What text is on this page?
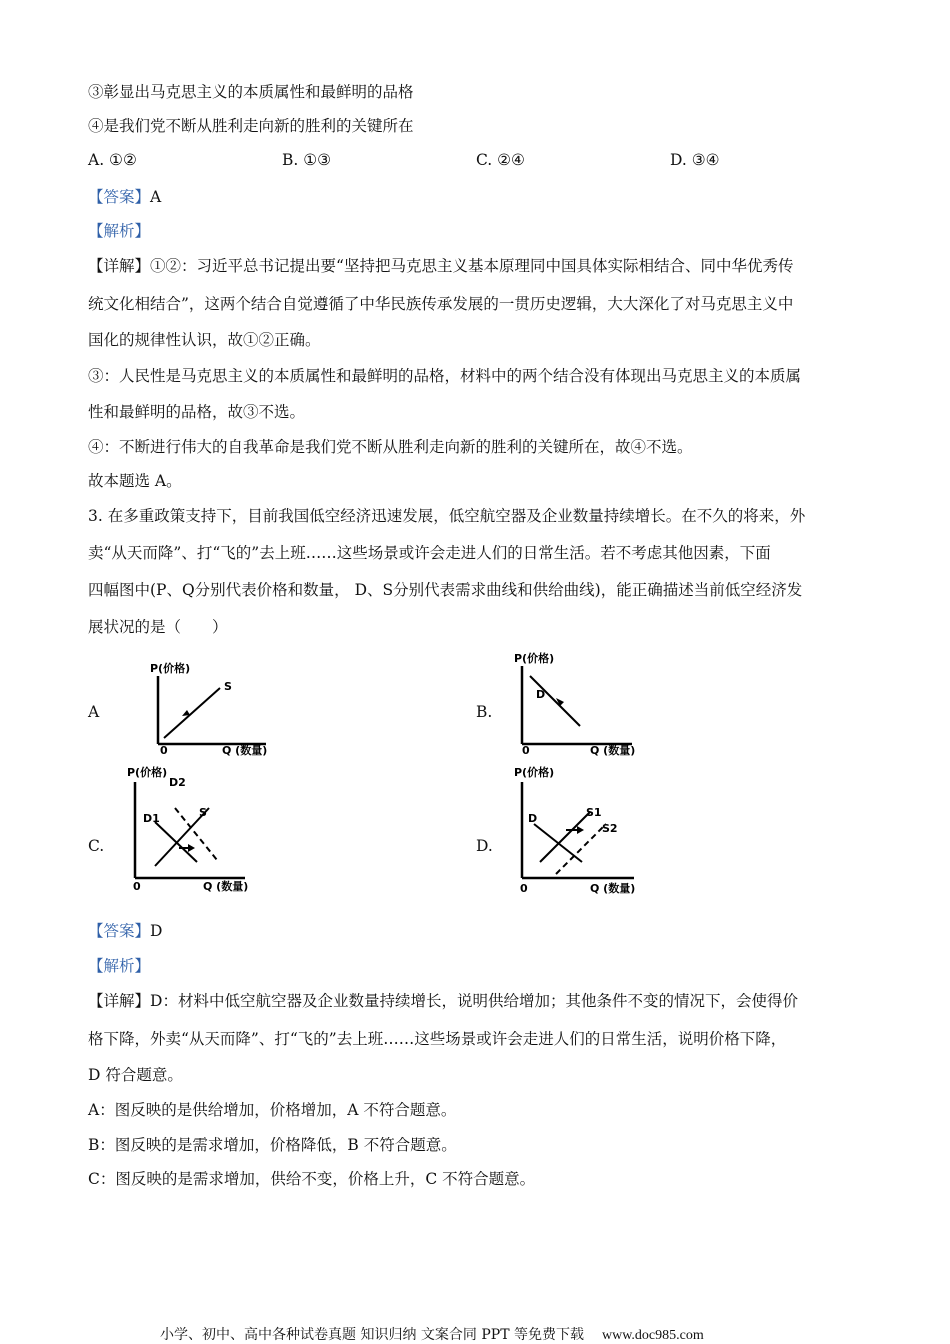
③彰显出马克思主义的本质属性和最鲜明的品格
④是我们党不断从胜利走向新的胜利的关键所在
A. ①②	B. ①③	C. ②④	D. ③④
【答案】A
【解析】
【详解】①②：习近平总书记提出要“坚持把马克思主义基本原理同中国具体实际相结合、同中华优秀传
统文化相结合”，这两个结合自觉遵循了中华民族传承发展的一贯历史逻辑，大大深化了对马克思主义中
国化的规律性认识，故①②正确。
③：人民性是马克思主义的本质属性和最鲜明的品格，材料中的两个结合没有体现出马克思主义的本质属
性和最鲜明的品格，故③不选。
④：不断进行伟大的自我革命是我们党不断从胜利走向新的胜利的关键所在，故④不选。
故本题选 A。
3. 在多重政策支持下，目前我国低空经济迅速发展，低空航空器及企业数量持续增长。在不久的将来，外
卖“从天而降”、打“飞的”去上班……这些场景或许会走进人们的日常生活。若不考虑其他因素，下面
四幅图中(P、Q分别代表价格和数量， D、S分别代表需求曲线和供给曲线)，能正确描述当前低空经济发
展状况的是（　　）
A
P(价格)
0	Q (数量)
S
B.
P(价格)
0	Q (数量)
D
C.
P(价格)
0	Q (数量)
D1
D2
S
D.
P(价格)
0	Q (数量)
D	S1
S2
【答案】D
【解析】
【详解】D：材料中低空航空器及企业数量持续增长，说明供给增加；其他条件不变的情况下，会使得价
格下降，外卖“从天而降”、打“飞的”去上班……这些场景或许会走进人们的日常生活，说明价格下降，
D 符合题意。
A：图反映的是供给增加，价格增加，A 不符合题意。
B：图反映的是需求增加，价格降低，B 不符合题意。
C：图反映的是需求增加，供给不变，价格上升，C 不符合题意。
小学、初中、高中各种试卷真题 知识归纳 文案合同 PPT 等免费下载 www.doc985.com
